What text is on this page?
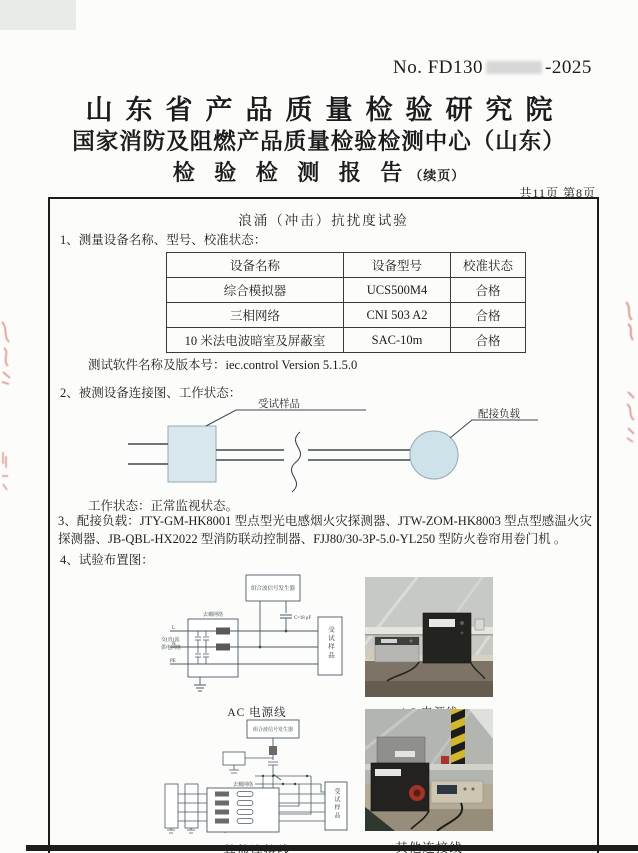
No. FD130	-2025
山东省产品质量检验研究院
国家消防及阻燃产品质量检验检测中心（山东）
检 验 检 测 报 告（续页）
共11页 第8页
浪涌（冲击）抗扰度试验
1、测量设备名称、型号、校准状态：
设备名称	设备型号	校准状态
综合模拟器	UCS500M4	合格
三相网络	CNI 503 A2	合格
10 米法电波暗室及屏蔽室	SAC-10m	合格
测试软件名称及版本号：iec.control Version 5.1.5.0
2、被测设备连接图、工作状态：
受试样品
配接负载
工作状态：正常监视状态。
3、配接负载：JTY-GM-HK8001 型点型光电感烟火灾探测器、JTW-ZOM-HK8003 型点型感温火灾探测器、JB-QBL-HX2022 型消防联动控制器、FJJ80/30-3P-5.0-YL250 型防火卷帘用卷门机 。
4、试验布置图：
组合波信号发生器
C=18 μF
去耦网络
L
N
PE
交(直)流
供电网络	受试样品
AC 电源线
组合波信号发生器
去耦网络
受试样品
